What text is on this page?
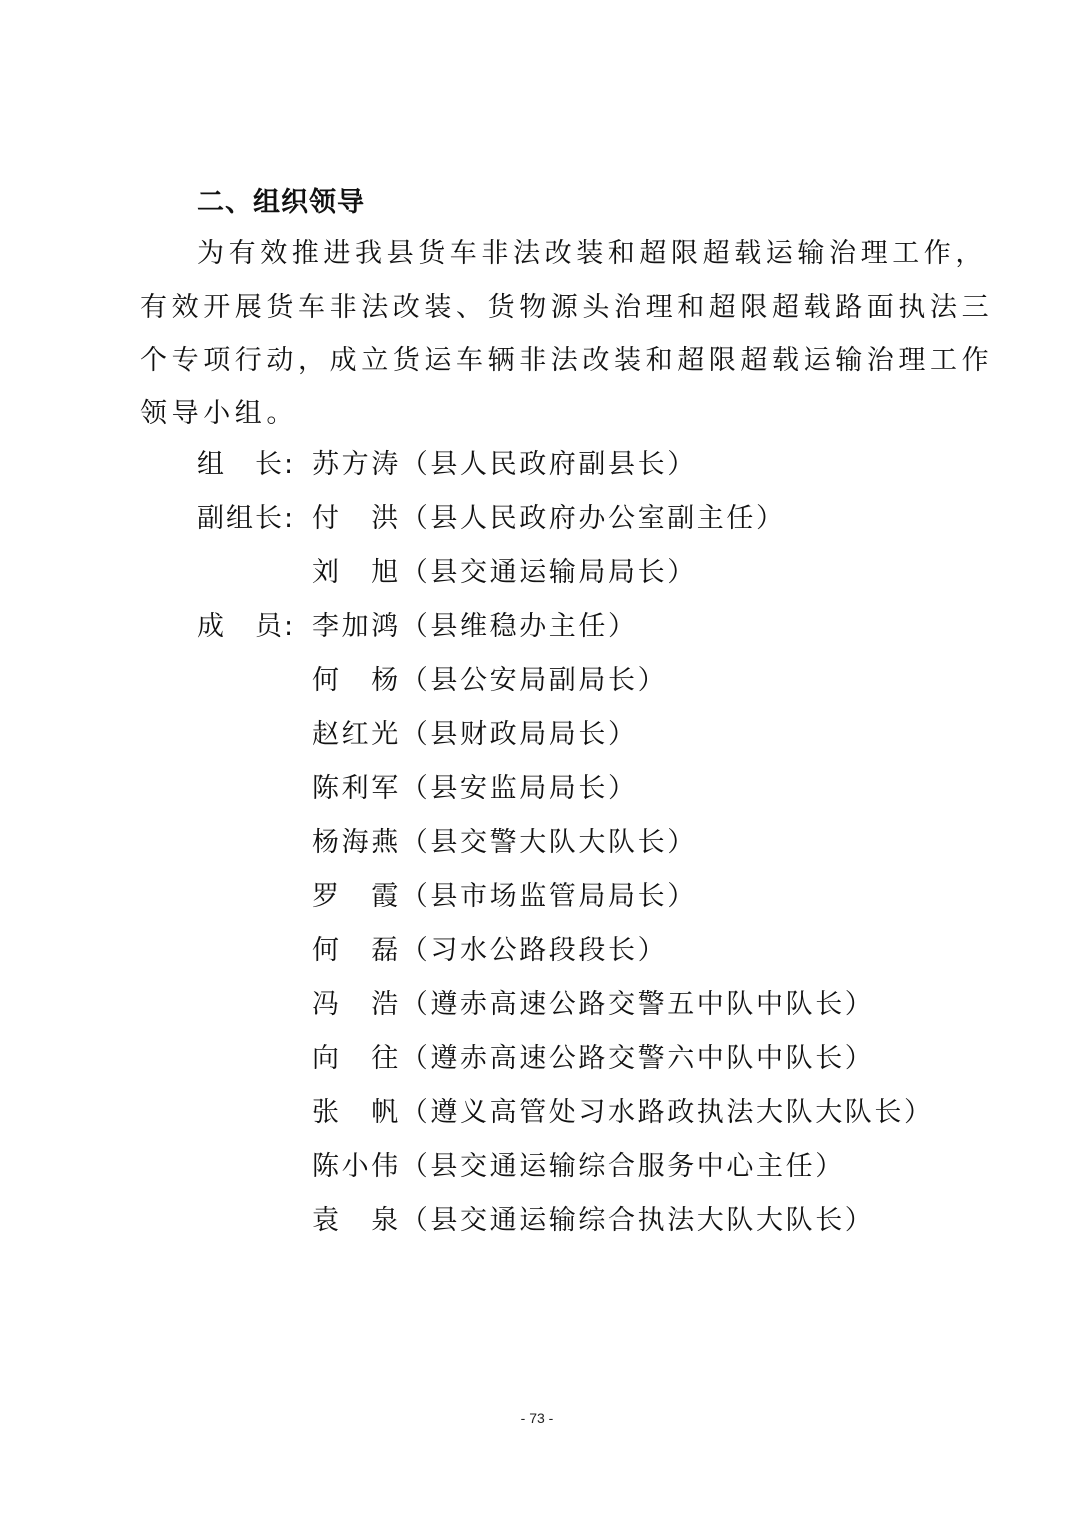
二、组织领导
为有效推进我县货车非法改装和超限超载运输治理工作，
有效开展货车非法改装、货物源头治理和超限超载路面执法三
个专项行动，成立货运车辆非法改装和超限超载运输治理工作
领导小组。
组　长:
副组长:
成　员:
苏方涛（县人民政府副县长）
付　洪（县人民政府办公室副主任）
刘　旭（县交通运输局局长）
李加鸿（县维稳办主任）
何　杨（县公安局副局长）
赵红光（县财政局局长）
陈利军（县安监局局长）
杨海燕（县交警大队大队长）
罗　霞（县市场监管局局长）
何　磊（习水公路段段长）
冯　浩（遵赤高速公路交警五中队中队长）
向　往（遵赤高速公路交警六中队中队长）
张　帆（遵义高管处习水路政执法大队大队长）
陈小伟（县交通运输综合服务中心主任）
袁　泉（县交通运输综合执法大队大队长）
- 73 -
